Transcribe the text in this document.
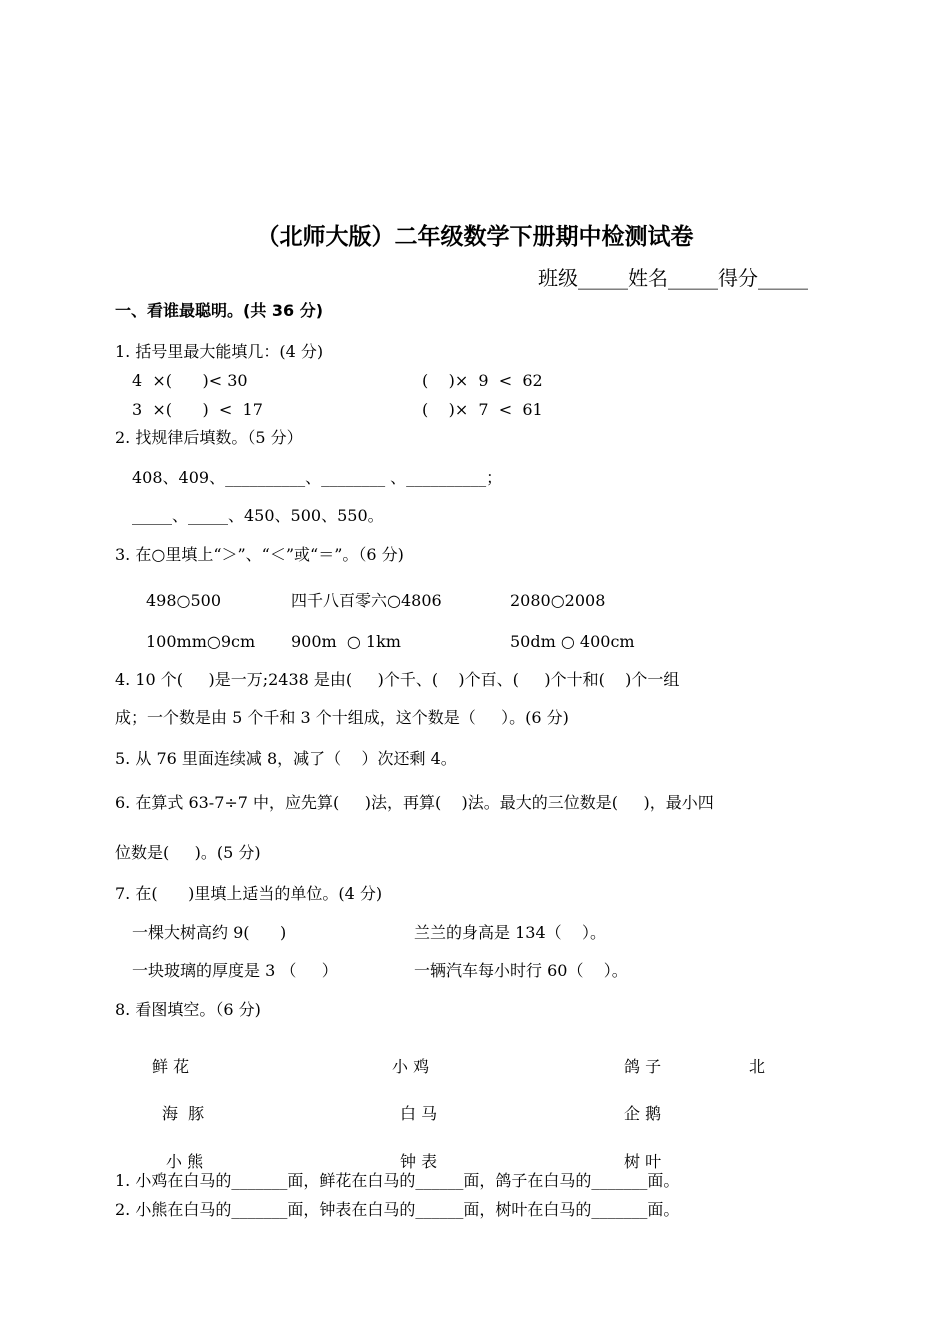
（北师大版）二年级数学下册期中检测试卷
班级_____姓名_____得分_____
一、看谁最聪明。(共 36 分)
1. 括号里最大能填几：(4 分)
4  ×(      )< 30	(    )×  9  <  62
3  ×(      )  <  17	(    )×  7  <  61
2. 找规律后填数。（5 分）
408、409、__________、________ 、__________；
_____、_____、450、500、550。
3. 在○里填上“＞”、“＜”或“＝”。（6 分)
498○500	四千八百零六○4806	2080○2008
100mm○9cm 900m  ○ 1km	50dm ○ 400cm
4. 10 个(     )是一万;2438 是由(     )个千、(    )个百、(     )个十和(    )个一组
成；一个数是由 5 个千和 3 个十组成，这个数是（     ）。(6 分)
5. 从 76 里面连续减 8，减了（    ）次还剩 4。
6. 在算式 63-7÷7 中，应先算(     )法，再算(    )法。最大的三位数是(     )，最小四
位数是(     )。(5 分)
7. 在(      )里填上适当的单位。(4 分)
一棵大树高约 9(      )	兰兰的身高是 134（    ）。
一块玻璃的厚度是 3 （     ）	一辆汽车每小时行 60（    ）。
8. 看图填空。（6 分)
鲜 花	小 鸡	鸽 子	北
海  豚	白 马	企 鹅
小 熊	钟 表	树 叶
1. 小鸡在白马的_______面，鲜花在白马的______面，鸽子在白马的_______面。
2. 小熊在白马的_______面，钟表在白马的______面，树叶在白马的_______面。
